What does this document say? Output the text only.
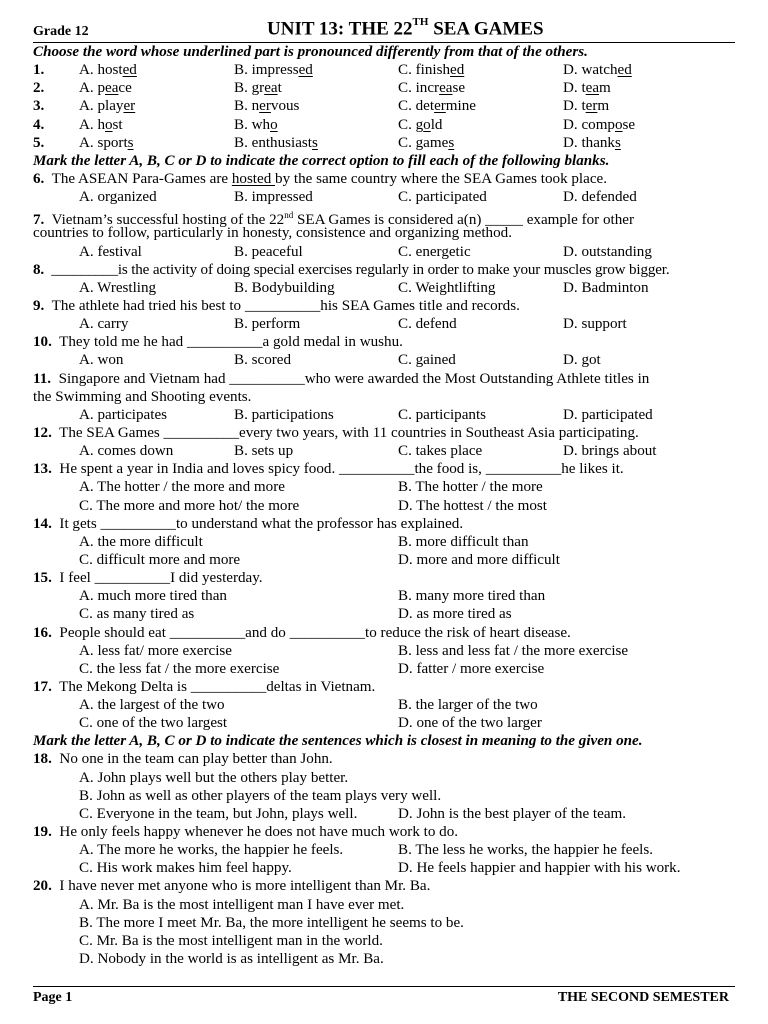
Grade 12	UNIT 13: THE 22TH SEA GAMES
Choose the word whose underlined part is pronounced differently from that of the others.
1. A. hosted	B. impressed	C. finished	D. watched
2. A. peace	B. great	C. increase	D. team
3. A. player	B. nervous	C. determine	D. term
4. A. host	B. who	C. gold	D. compose
5. A. sports	B. enthusiasts	C. games	D. thanks
Mark the letter A, B, C or D to indicate the correct option to fill each of the following blanks.
6. The ASEAN Para-Games are hosted by the same country where the SEA Games took place.
A. organized	B. impressed	C. participated	D. defended
7. Vietnam’s successful hosting of the 22nd SEA Games is considered a(n) _____ example for other
countries to follow, particularly in honesty, consistence and organizing method.
A. festival	B. peaceful	C. energetic	D. outstanding
8. _________is the activity of doing special exercises regularly in order to make your muscles grow bigger.
A. Wrestling	B. Bodybuilding	C. Weightlifting	D. Badminton
9. The athlete had tried his best to __________his SEA Games title and records.
A. carry	B. perform	C. defend	D. support
10. They told me he had __________a gold medal in wushu.
A. won	B. scored	C. gained	D. got
11. Singapore and Vietnam had __________who were awarded the Most Outstanding Athlete titles in
the Swimming and Shooting events.
A. participates	B. participations	C. participants	D. participated
12. The SEA Games __________every two years, with 11 countries in Southeast Asia participating.
A. comes down	B. sets up	C. takes place	D. brings about
13. He spent a year in India and loves spicy food. __________the food is, __________he likes it.
A. The hotter / the more and more	B. The hotter / the more
C. The more and more hot/ the more	D. The hottest / the most
14. It gets __________to understand what the professor has explained.
A. the more difficult	B. more difficult than
C. difficult more and more	D. more and more difficult
15. I feel __________I did yesterday.
A. much more tired than	B. many more tired than
C. as many tired as	D. as more tired as
16. People should eat __________and do __________to reduce the risk of heart disease.
A. less fat/ more exercise	B. less and less fat / the more exercise
C. the less fat / the more exercise	D. fatter / more exercise
17. The Mekong Delta is __________deltas in Vietnam.
A. the largest of the two	B. the larger of the two
C. one of the two largest	D. one of the two larger
Mark the letter A, B, C or D to indicate the sentences which is closest in meaning to the given one.
18. No one in the team can play better than John.
A. John plays well but the others play better.
B. John as well as other players of the team plays very well.
C. Everyone in the team, but John, plays well.	D. John is the best player of the team.
19. He only feels happy whenever he does not have much work to do.
A. The more he works, the happier he feels.	B. The less he works, the happier he feels.
C. His work makes him feel happy.	D. He feels happier and happier with his work.
20. I have never met anyone who is more intelligent than Mr. Ba.
A. Mr. Ba is the most intelligent man I have ever met.
B. The more I meet Mr. Ba, the more intelligent he seems to be.
C. Mr. Ba is the most intelligent man in the world.
D. Nobody in the world is as intelligent as Mr. Ba.
Page 1	THE SECOND SEMESTER
